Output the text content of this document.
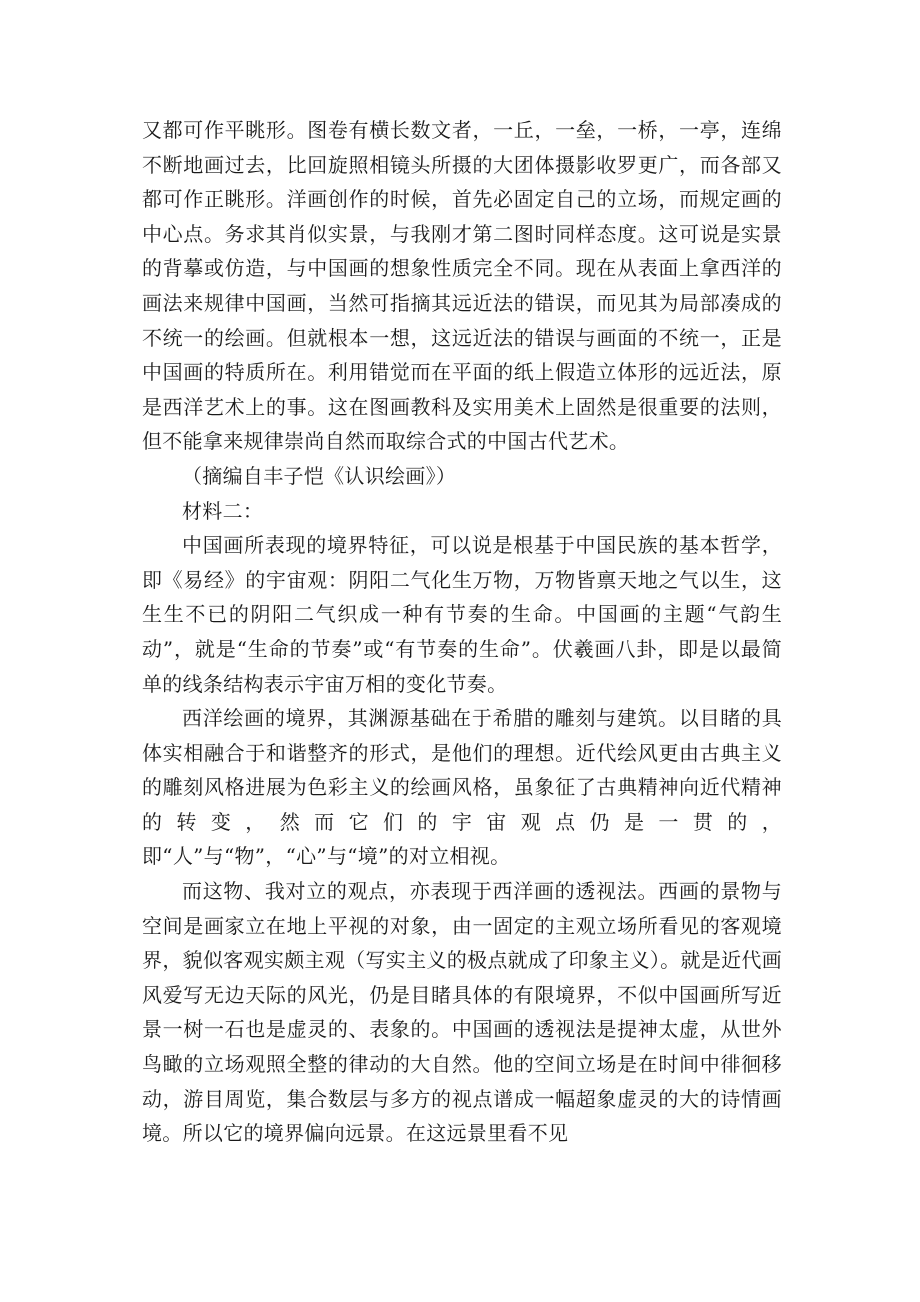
又都可作平眺形。图卷有横长数文者，一丘，一垒，一桥，一亭，连绵不断地画过去，比回旋照相镜头所摄的大团体摄影收罗更广，而各部又都可作正眺形。洋画创作的时候，首先必固定自己的立场，而规定画的中心点。务求其肖似实景，与我刚才第二图时同样态度。这可说是实景的背摹或仿造，与中国画的想象性质完全不同。现在从表面上拿西洋的画法来规律中国画，当然可指摘其远近法的错误，而见其为局部凑成的不统一的绘画。但就根本一想，这远近法的错误与画面的不统一，正是中国画的特质所在。利用错觉而在平面的纸上假造立体形的远近法，原是西洋艺术上的事。这在图画教科及实用美术上固然是很重要的法则，但不能拿来规律崇尚自然而取综合式的中国古代艺术。

（摘编自丰子恺《认识绘画》）

材料二：

中国画所表现的境界特征，可以说是根基于中国民族的基本哲学，即《易经》的宇宙观：阴阳二气化生万物，万物皆禀天地之气以生，这生生不已的阴阳二气织成一种有节奏的生命。中国画的主题“气韵生动”，就是“生命的节奏”或“有节奏的生命”。伏羲画八卦，即是以最简单的线条结构表示宇宙万相的变化节奏。

西洋绘画的境界，其渊源基础在于希腊的雕刻与建筑。以目睹的具体实相融合于和谐整齐的形式，是他们的理想。近代绘风更由古典主义的雕刻风格进展为色彩主义的绘画风格，虽象征了古典精神向近代精神的转变，然而它们的宇宙观点仍是一贯的，即“人”与“物”，“心”与“境”的对立相视。

而这物、我对立的观点，亦表现于西洋画的透视法。西画的景物与空间是画家立在地上平视的对象，由一固定的主观立场所看见的客观境界，貌似客观实颇主观（写实主义的极点就成了印象主义）。就是近代画风爱写无边天际的风光，仍是目睹具体的有限境界，不似中国画所写近景一树一石也是虚灵的、表象的。中国画的透视法是提神太虚，从世外鸟瞰的立场观照全整的律动的大自然。他的空间立场是在时间中徘徊移动，游目周览，集合数层与多方的视点谱成一幅超象虚灵的大的诗情画境。所以它的境界偏向远景。在这远景里看不见
